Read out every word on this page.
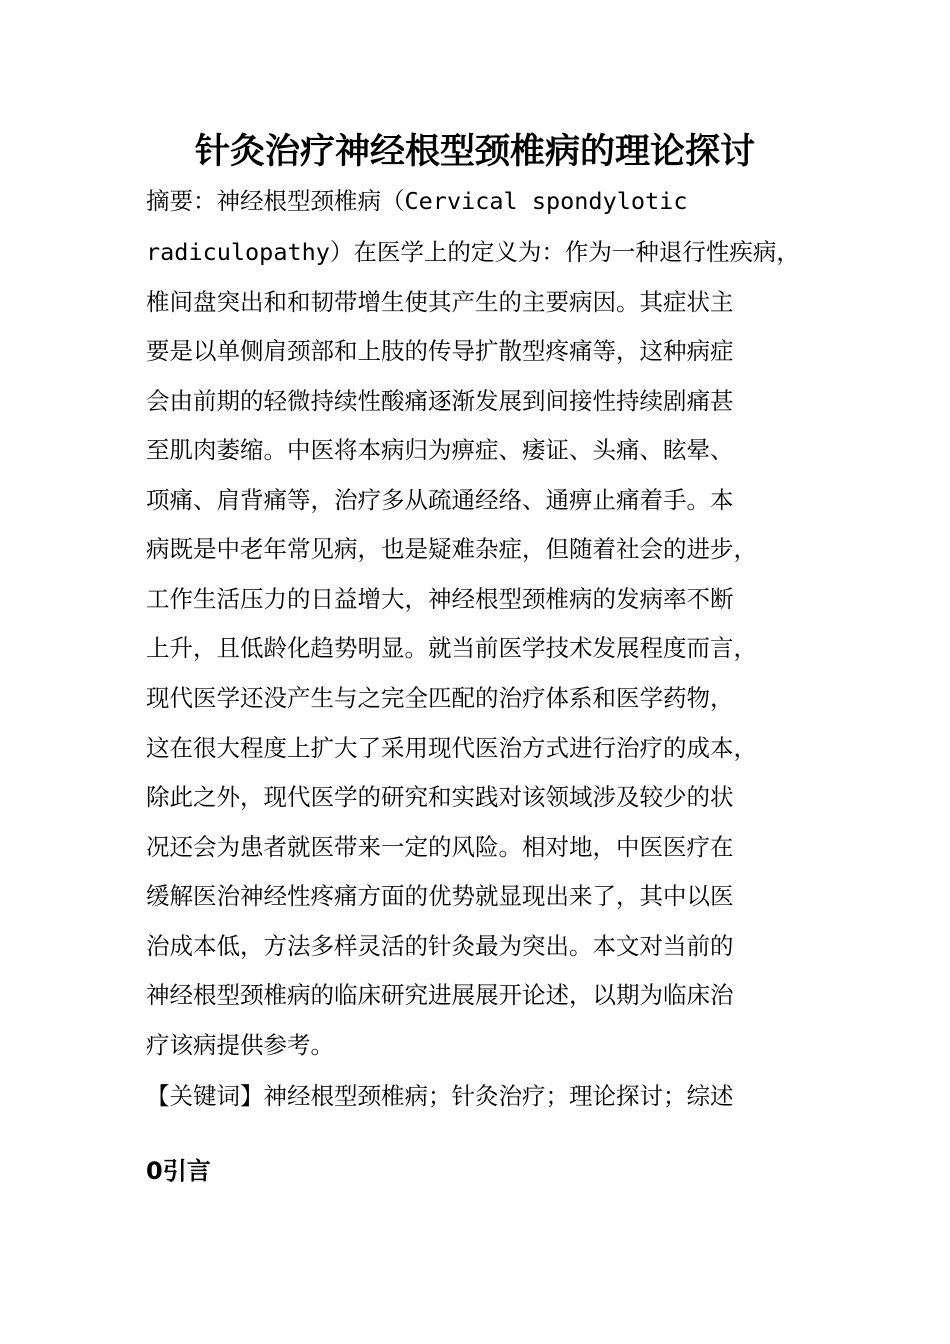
针灸治疗神经根型颈椎病的理论探讨
摘要：神经根型颈椎病（Cervical spondylotic
radiculopathy）在医学上的定义为：作为一种退行性疾病，
椎间盘突出和和韧带增生使其产生的主要病因。其症状主
要是以单侧肩颈部和上肢的传导扩散型疼痛等，这种病症
会由前期的轻微持续性酸痛逐渐发展到间接性持续剧痛甚
至肌肉萎缩。中医将本病归为痹症、痿证、头痛、眩晕、
项痛、肩背痛等，治疗多从疏通经络、通痹止痛着手。本
病既是中老年常见病，也是疑难杂症，但随着社会的进步，
工作生活压力的日益增大，神经根型颈椎病的发病率不断
上升，且低龄化趋势明显。就当前医学技术发展程度而言，
现代医学还没产生与之完全匹配的治疗体系和医学药物，
这在很大程度上扩大了采用现代医治方式进行治疗的成本，
除此之外，现代医学的研究和实践对该领域涉及较少的状
况还会为患者就医带来一定的风险。相对地，中医医疗在
缓解医治神经性疼痛方面的优势就显现出来了，其中以医
治成本低，方法多样灵活的针灸最为突出。本文对当前的
神经根型颈椎病的临床研究进展展开论述，以期为临床治
疗该病提供参考。
【关键词】神经根型颈椎病；针灸治疗；理论探讨；综述
0引言
